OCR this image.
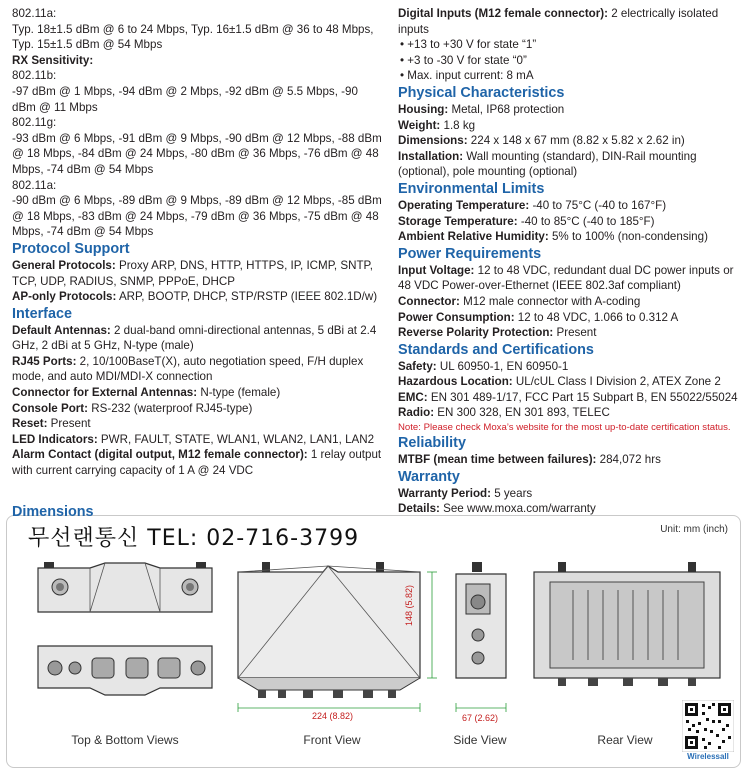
802.11a:

Typ. 18±1.5 dBm @ 6 to 24 Mbps, Typ. 16±1.5 dBm @ 36 to 48 Mbps, Typ. 15±1.5 dBm @ 54 Mbps

RX Sensitivity:

802.11b:

-97 dBm @ 1 Mbps, -94 dBm @ 2 Mbps, -92 dBm @ 5.5 Mbps, -90 dBm @ 11 Mbps

802.11g:

-93 dBm @ 6 Mbps, -91 dBm @ 9 Mbps, -90 dBm @ 12 Mbps, -88 dBm @ 18 Mbps, -84 dBm @ 24 Mbps, -80 dBm @ 36 Mbps, -76 dBm @ 48 Mbps, -74 dBm @ 54 Mbps

802.11a:

-90 dBm @ 6 Mbps, -89 dBm @ 9 Mbps, -89 dBm @ 12 Mbps, -85 dBm @ 18 Mbps, -83 dBm @ 24 Mbps, -79 dBm @ 36 Mbps, -75 dBm @ 48 Mbps, -74 dBm @ 54 Mbps

Protocol Support

General Protocols: Proxy ARP, DNS, HTTP, HTTPS, IP, ICMP, SNTP, TCP, UDP, RADIUS, SNMP, PPPoE, DHCP

AP-only Protocols: ARP, BOOTP, DHCP, STP/RSTP (IEEE 802.1D/w)

Interface

Default Antennas: 2 dual-band omni-directional antennas, 5 dBi at 2.4 GHz, 2 dBi at 5 GHz, N-type (male)

RJ45 Ports: 2, 10/100BaseT(X), auto negotiation speed, F/H duplex mode, and auto MDI/MDI-X connection

Connector for External Antennas: N-type (female)

Console Port: RS-232 (waterproof RJ45-type)

Reset: Present

LED Indicators: PWR, FAULT, STATE, WLAN1, WLAN2, LAN1, LAN2

Alarm Contact (digital output, M12 female connector): 1 relay output with current carrying capacity of 1 A @ 24 VDC

Digital Inputs (M12 female connector): 2 electrically isolated inputs

• +13 to +30 V for state “1”

• +3 to -30 V for state “0”

• Max. input current: 8 mA

Physical Characteristics

Housing: Metal, IP68 protection

Weight: 1.8 kg

Dimensions: 224 x 148 x 67 mm (8.82 x 5.82 x 2.62 in)

Installation: Wall mounting (standard), DIN-Rail mounting (optional), pole mounting (optional)

Environmental Limits

Operating Temperature: -40 to 75°C (-40 to 167°F)

Storage Temperature: -40 to 85°C (-40 to 185°F)

Ambient Relative Humidity: 5% to 100% (non-condensing)

Power Requirements

Input Voltage: 12 to 48 VDC, redundant dual DC power inputs or 48 VDC Power-over-Ethernet (IEEE 802.3af compliant)

Connector: M12 male connector with A-coding

Power Consumption: 12 to 48 VDC, 1.066 to 0.312 A

Reverse Polarity Protection: Present

Standards and Certifications

Safety: UL 60950-1, EN 60950-1

Hazardous Location: UL/cUL Class I Division 2, ATEX Zone 2

EMC: EN 301 489-1/17, FCC Part 15 Subpart B, EN 55022/55024

Radio: EN 300 328, EN 301 893, TELEC

Note: Please check Moxa’s website for the most up-to-date certification status.

Reliability

MTBF (mean time between failures): 284,072 hrs

Warranty

Warranty Period: 5 years

Details: See www.moxa.com/warranty

Dimensions
무선랜통신 TEL: 02-716-3799	Unit: mm (inch)
224 (8.82)
148 (5.82)
67 (2.62)
Wirelessall
Top & Bottom Views	Front View	Side View	Rear View
